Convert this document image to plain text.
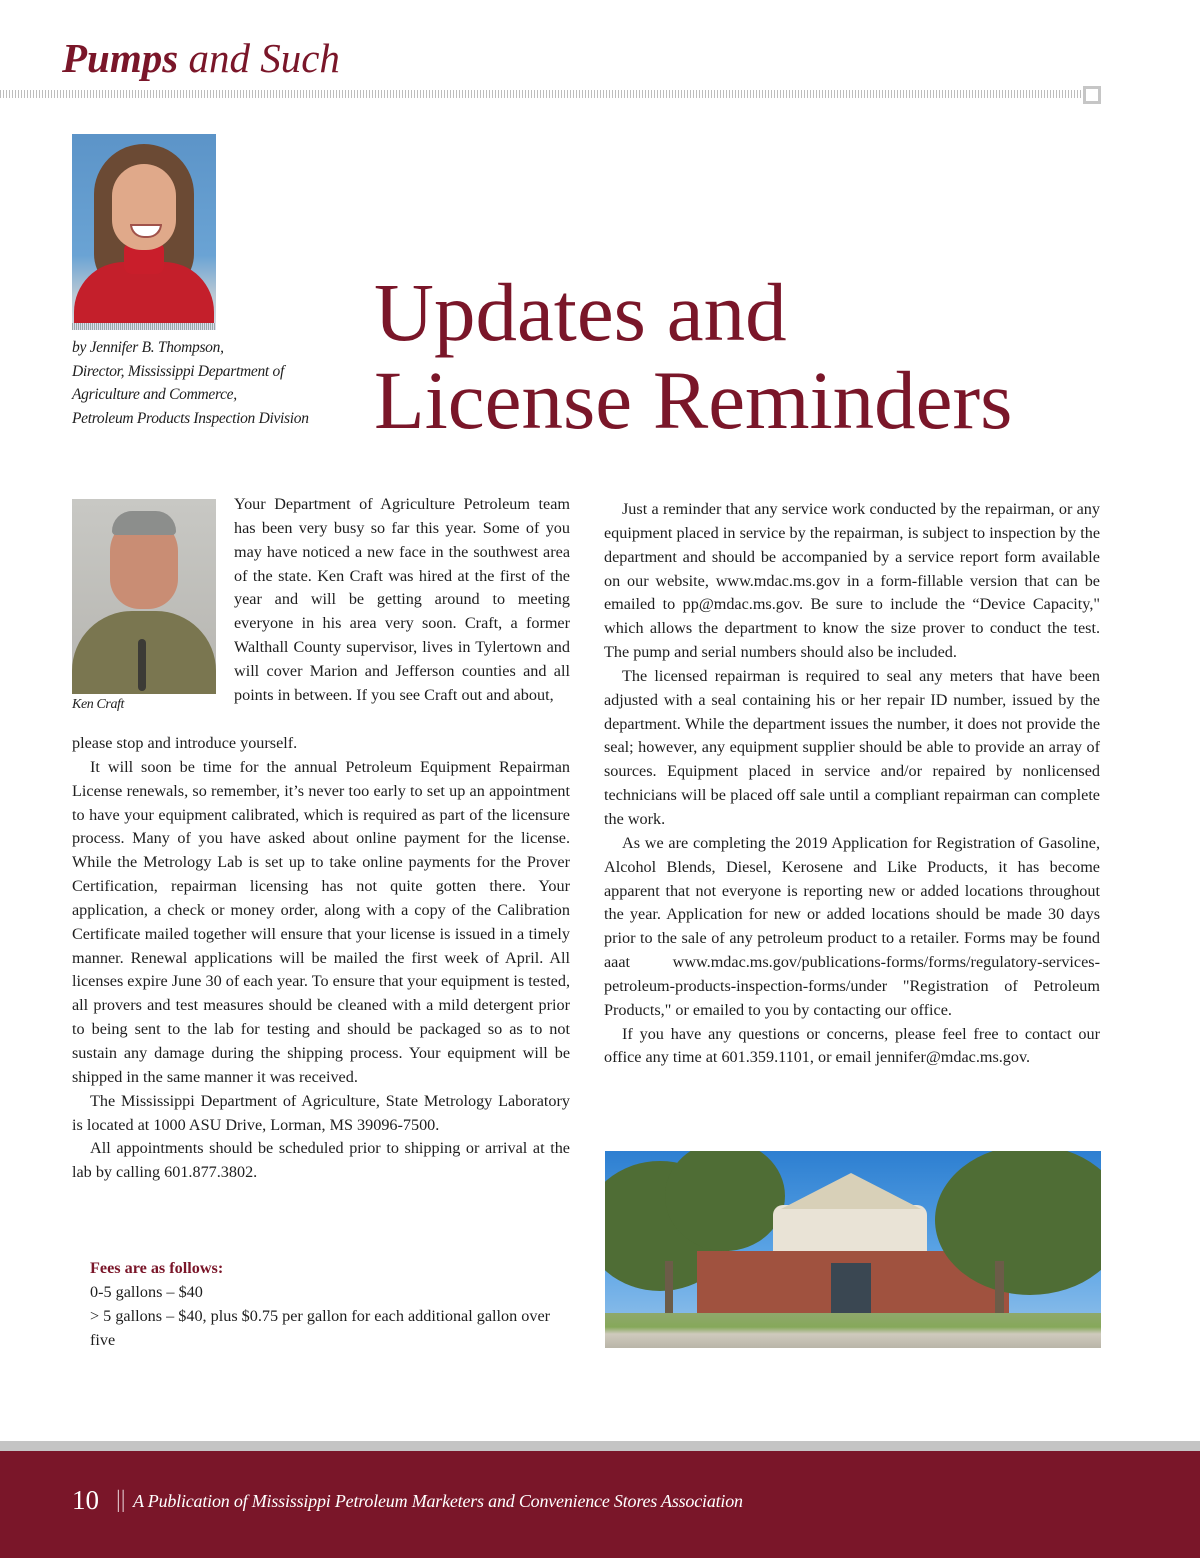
Pumps and Such
by Jennifer B. Thompson,
Director, Mississippi Department of
Agriculture and Commerce,
Petroleum Products Inspection Division
Updates and
License Reminders
Ken Craft

Your Department of Agriculture Petroleum team has been very busy so far this year. Some of you may have noticed a new face in the southwest area of the state. Ken Craft was hired at the first of the year and will be getting around to meeting everyone in his area very soon. Craft, a former Walthall County supervisor, lives in Tylertown and will cover Marion and Jefferson counties and all points in between. If you see Craft out and about,

please stop and introduce yourself.

It will soon be time for the annual Petroleum Equipment Repairman License renewals, so remember, it’s never too early to set up an appointment to have your equipment calibrated, which is required as part of the licensure process. Many of you have asked about online payment for the license. While the Metrology Lab is set up to take online payments for the Prover Certification, repairman licensing has not quite gotten there. Your application, a check or money order, along with a copy of the Calibration Certificate mailed together will ensure that your license is issued in a timely manner. Renewal applications will be mailed the first week of April. All licenses expire June 30 of each year. To ensure that your equipment is tested, all provers and test measures should be cleaned with a mild detergent prior to being sent to the lab for testing and should be packaged so as to not sustain any damage during the shipping process. Your equipment will be shipped in the same manner it was received.

The Mississippi Department of Agriculture, State Metrology Laboratory is located at 1000 ASU Drive, Lorman, MS 39096-7500.

All appointments should be scheduled prior to shipping or arrival at the lab by calling 601.877.3802.

Fees are as follows:
0-5 gallons – $40
> 5 gallons – $40, plus $0.75 per gallon for each additional gallon over five

Just a reminder that any service work conducted by the repairman, or any equipment placed in service by the repairman, is subject to inspection by the department and should be accompanied by a service report form available on our website, www.mdac.ms.gov in a form-fillable version that can be emailed to pp@mdac.ms.gov. Be sure to include the “Device Capacity," which allows the department to know the size prover to conduct the test. The pump and serial numbers should also be included.

The licensed repairman is required to seal any meters that have been adjusted with a seal containing his or her repair ID number, issued by the department. While the department issues the number, it does not provide the seal; however, any equipment supplier should be able to provide an array of sources. Equipment placed in service and/or repaired by nonlicensed technicians will be placed off sale until a compliant repairman can complete the work.

As we are completing the 2019 Application for Registration of Gasoline, Alcohol Blends, Diesel, Kerosene and Like Products, it has become apparent that not everyone is reporting new or added locations throughout the year. Application for new or added locations should be made 30 days prior to the sale of any petroleum product to a retailer. Forms may be found aaat www.mdac.ms.gov/publications-forms/forms/regulatory-services-petroleum-products-inspection-forms/under "Registration of Petroleum Products," or emailed to you by contacting our office.

If you have any questions or concerns, please feel free to contact our office any time at 601.359.1101, or email jennifer@mdac.ms.gov.

10 || A Publication of Mississippi Petroleum Marketers and Convenience Stores Association
